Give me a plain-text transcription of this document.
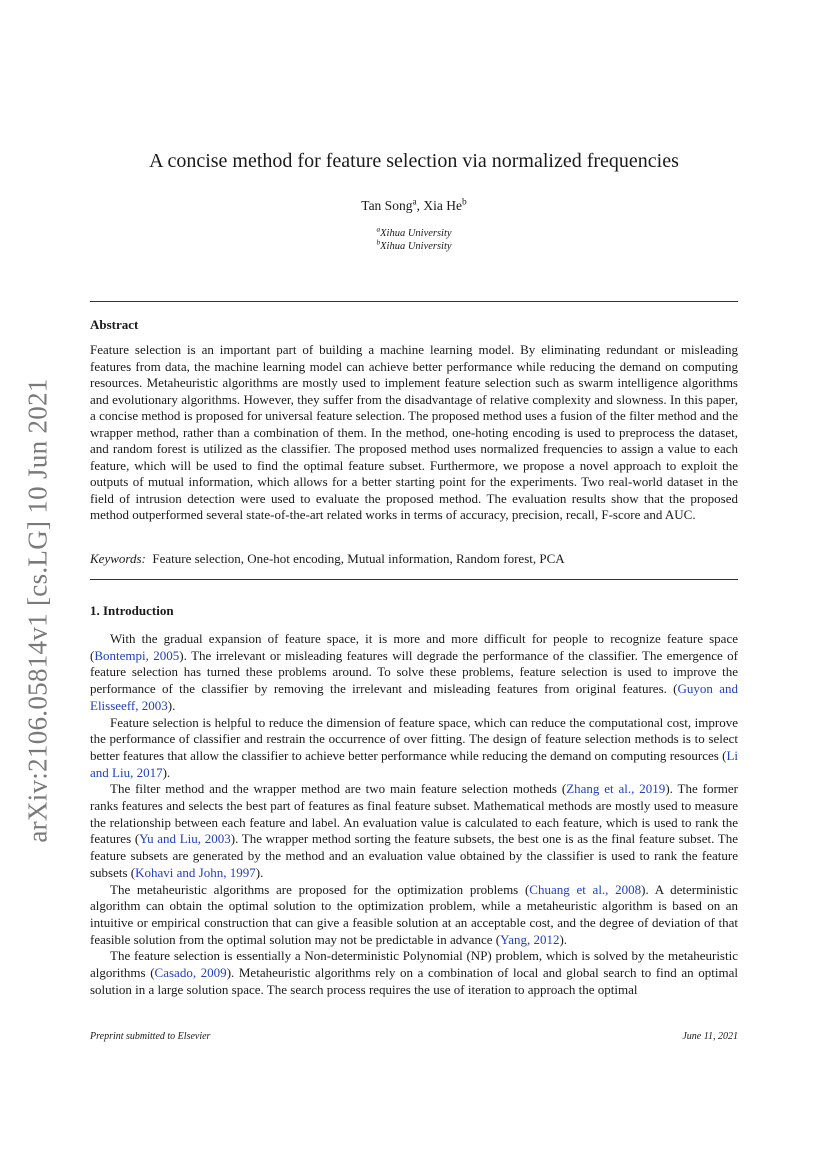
arXiv:2106.05814v1 [cs.LG] 10 Jun 2021
A concise method for feature selection via normalized frequencies
Tan Song$^a$, Xia He$^b$
$^a$Xihua University
$^b$Xihua University
Abstract

Feature selection is an important part of building a machine learning model. By eliminating redundant or misleading features from data, the machine learning model can achieve better performance while reducing the demand on computing resources. Metaheuristic algorithms are mostly used to implement feature selection such as swarm intelligence algorithms and evolutionary algorithms. However, they suffer from the disadvantage of relative complexity and slowness. In this paper, a concise method is proposed for universal feature selection. The proposed method uses a fusion of the filter method and the wrapper method, rather than a combination of them. In the method, one-hoting encoding is used to preprocess the dataset, and random forest is utilized as the classifier. The proposed method uses normalized frequencies to assign a value to each feature, which will be used to find the optimal feature subset. Furthermore, we propose a novel approach to exploit the outputs of mutual information, which allows for a better starting point for the experiments. Two real-world dataset in the field of intrusion detection were used to evaluate the proposed method. The evaluation results show that the proposed method outperformed several state-of-the-art related works in terms of accuracy, precision, recall, F-score and AUC.

Keywords: Feature selection, One-hot encoding, Mutual information, Random forest, PCA

1. Introduction

With the gradual expansion of feature space, it is more and more difficult for people to recognize feature space (Bontempi, 2005). The irrelevant or misleading features will degrade the performance of the classifier. The emergence of feature selection has turned these problems around. To solve these problems, feature selection is used to improve the performance of the classifier by removing the irrelevant and misleading features from original features. (Guyon and Elisseeff, 2003).

Feature selection is helpful to reduce the dimension of feature space, which can reduce the computational cost, improve the performance of classifier and restrain the occurrence of over fitting. The design of feature selection methods is to select better features that allow the classifier to achieve better performance while reducing the demand on computing resources (Li and Liu, 2017).

The filter method and the wrapper method are two main feature selection motheds (Zhang et al., 2019). The former ranks features and selects the best part of features as final feature subset. Mathematical methods are mostly used to measure the relationship between each feature and label. An evaluation value is calculated to each feature, which is used to rank the features (Yu and Liu, 2003). The wrapper method sorting the feature subsets, the best one is as the final feature subset. The feature subsets are generated by the method and an evaluation value obtained by the classifier is used to rank the feature subsets (Kohavi and John, 1997).

The metaheuristic algorithms are proposed for the optimization problems (Chuang et al., 2008). A deterministic algorithm can obtain the optimal solution to the optimization problem, while a metaheuristic algorithm is based on an intuitive or empirical construction that can give a feasible solution at an acceptable cost, and the degree of deviation of that feasible solution from the optimal solution may not be predictable in advance (Yang, 2012).

The feature selection is essentially a Non-deterministic Polynomial (NP) problem, which is solved by the metaheuristic algorithms (Casado, 2009). Metaheuristic algorithms rely on a combination of local and global search to find an optimal solution in a large solution space. The search process requires the use of iteration to approach the optimal

Preprint submitted to Elsevier	June 11, 2021
